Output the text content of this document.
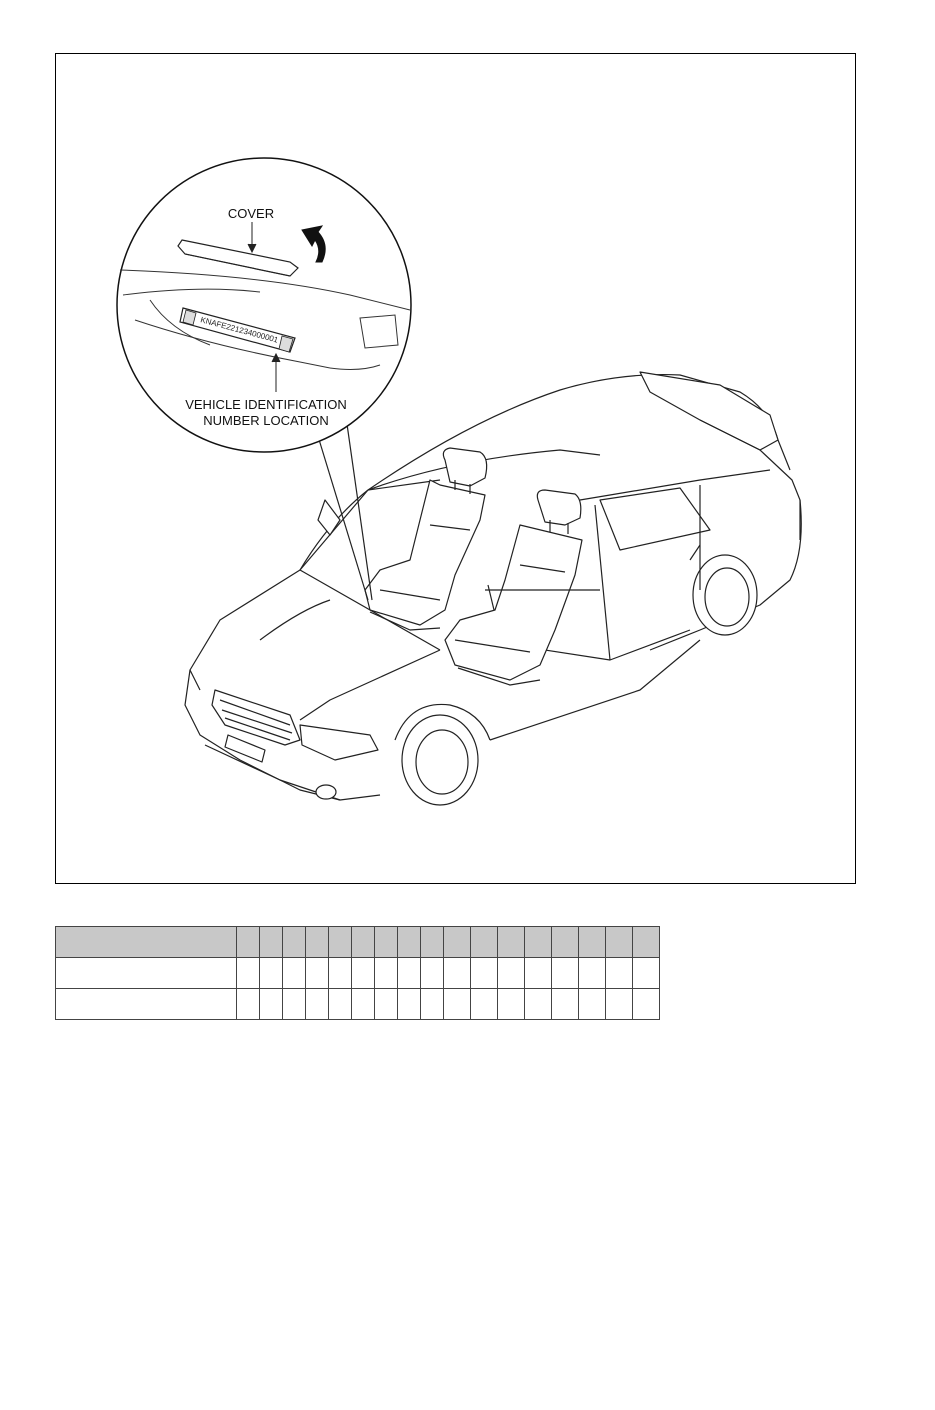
KNAFE221234000001
COVER
VEHICLE IDENTIFICATION
NUMBER LOCATION
